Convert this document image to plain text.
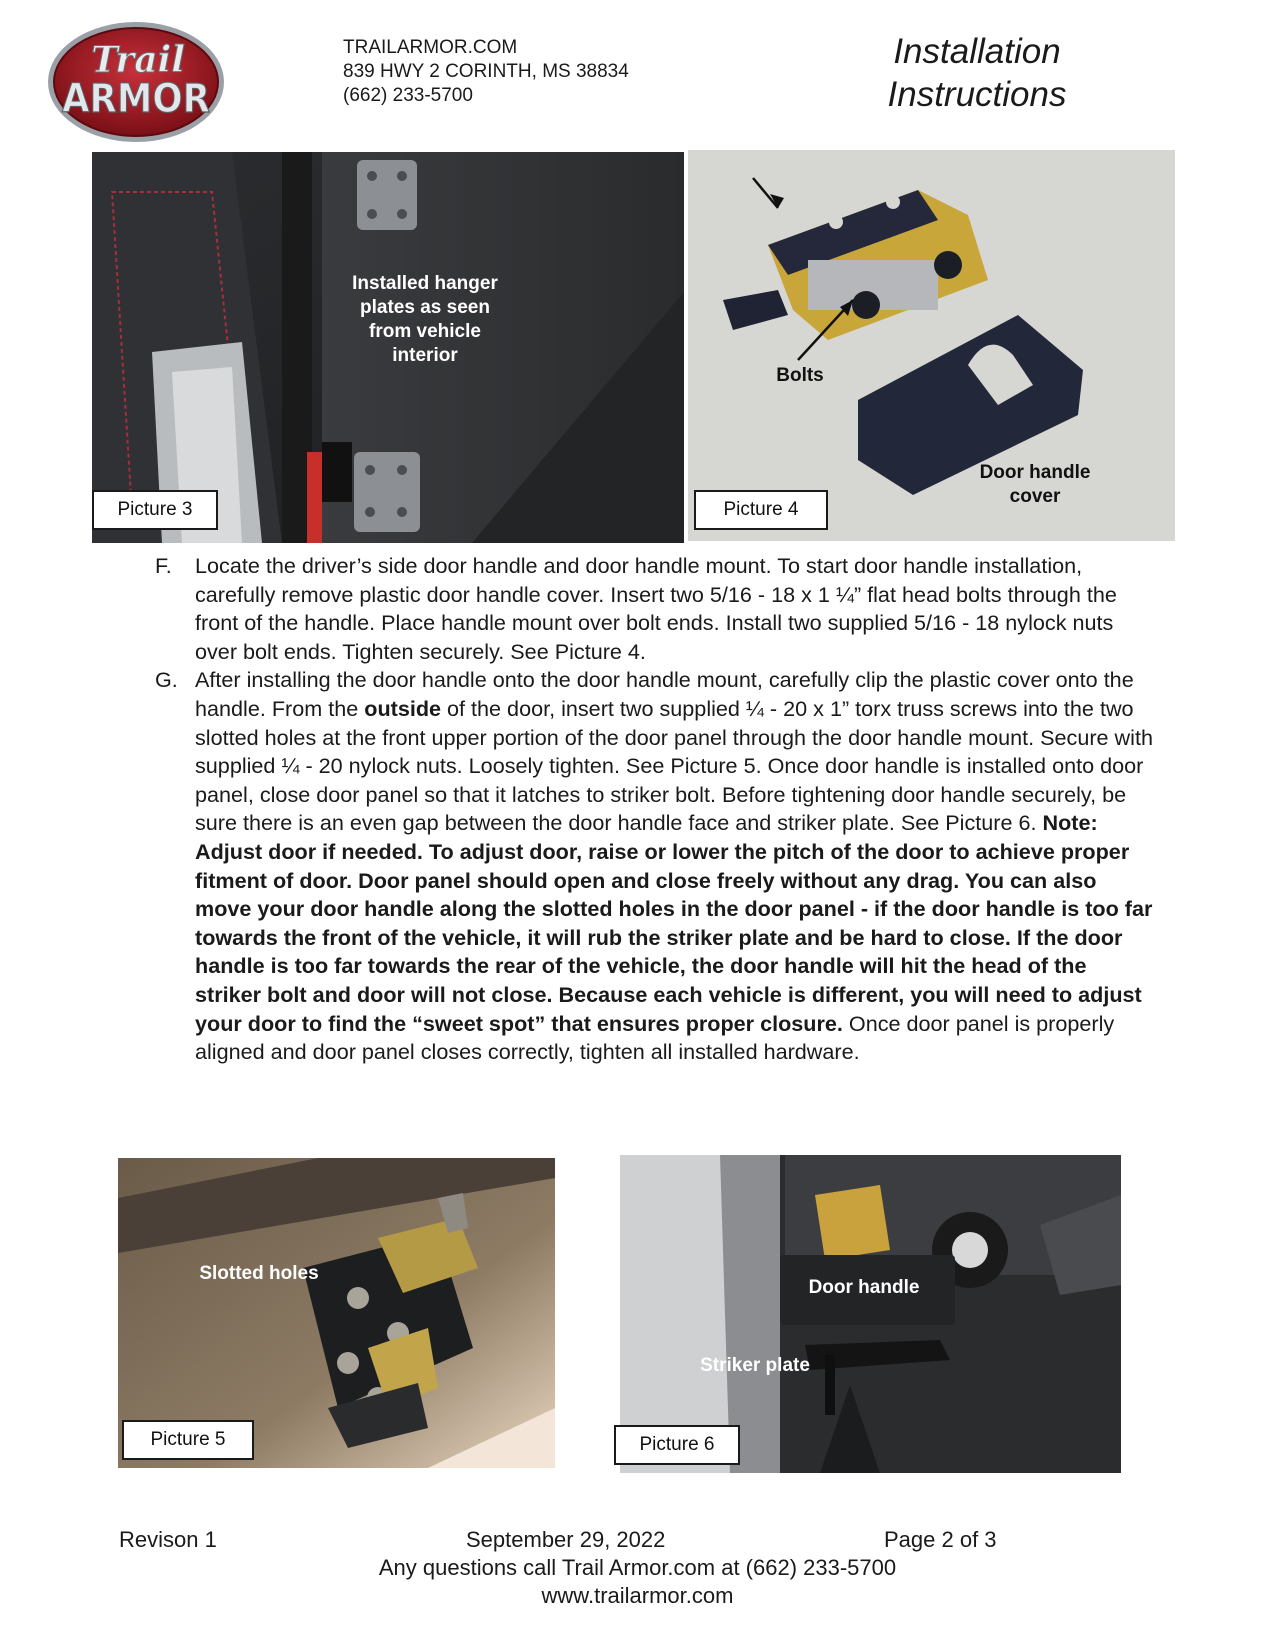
Trail
ARMOR
TRAILARMOR.COM
839 HWY 2 CORINTH, MS 38834
(662) 233-5700
Installation
Instructions
Installed hanger
plates as seen
from vehicle
interior
Picture 3
Bolts
Door handle
cover
Picture 4
F. Locate the driver’s side door handle and door handle mount. To start door handle installation, carefully remove plastic door handle cover. Insert two 5/16 - 18 x 1 ¼” flat head bolts through the front of the handle. Place handle mount over bolt ends. Install two supplied 5/16 - 18 nylock nuts over bolt ends. Tighten securely. See Picture 4.

G. After installing the door handle onto the door handle mount, carefully clip the plastic cover onto the handle. From the outside of the door, insert two supplied ¼ - 20 x 1” torx truss screws into the two slotted holes at the front upper portion of the door panel through the door handle mount. Secure with supplied ¼ - 20 nylock nuts. Loosely tighten. See Picture 5. Once door handle is installed onto door panel, close door panel so that it latches to striker bolt. Before tightening door handle securely, be sure there is an even gap between the door handle face and striker plate. See Picture 6. Note: Adjust door if needed. To adjust door, raise or lower the pitch of the door to achieve proper fitment of door. Door panel should open and close freely without any drag. You can also move your door handle along the slotted holes in the door panel - if the door handle is too far towards the front of the vehicle, it will rub the striker plate and be hard to close. If the door handle is too far towards the rear of the vehicle, the door handle will hit the head of the striker bolt and door will not close. Because each vehicle is different, you will need to adjust your door to find the “sweet spot” that ensures proper closure. Once door panel is properly aligned and door panel closes correctly, tighten all installed hardware.

Slotted holes
Picture 5
Door handle
Striker plate
Picture 6
Revison 1	September 29, 2022	Page 2 of 3
Any questions call Trail Armor.com at (662) 233-5700
www.trailarmor.com
